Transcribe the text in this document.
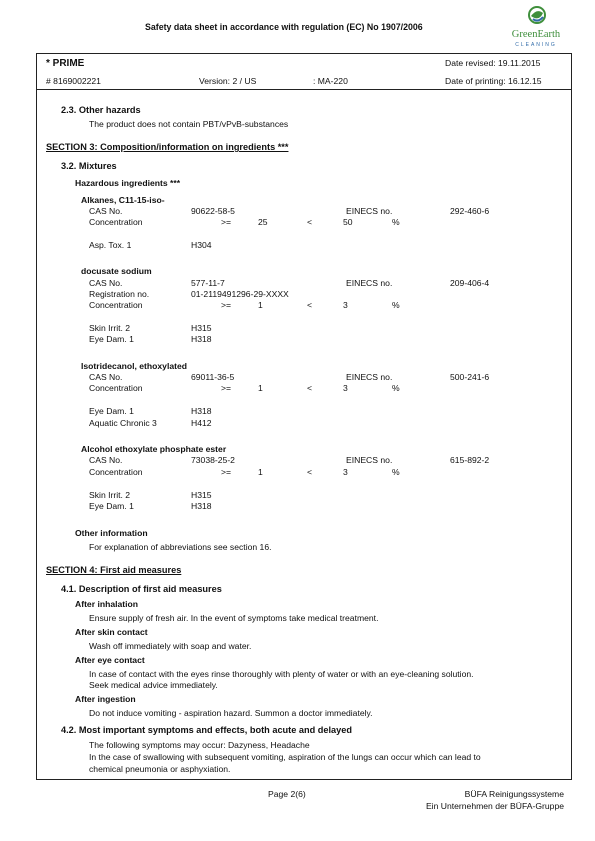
Safety data sheet in accordance with regulation (EC) No 1907/2006
GreenEarth
CLEANING
* PRIME	Date revised: 19.11.2015
# 8169002221	Version: 2 / US	: MA-220	Date of printing: 16.12.15
2.3. Other hazards
The product does not contain PBT/vPvB-substances
SECTION 3: Composition/information on ingredients ***
3.2. Mixtures
Hazardous ingredients ***
Alkanes, C11-15-iso-
CAS No.	90622-58-5	EINECS no.	292-460-6
Concentration	>=	25	<	50	%
Asp. Tox. 1	H304
docusate sodium
CAS No.	577-11-7	EINECS no.	209-406-4
Registration no.	01-2119491296-29-XXXX
Concentration	>=	1	<	3	%
Skin Irrit. 2	H315
Eye Dam. 1	H318
Isotridecanol, ethoxylated
CAS No.	69011-36-5	EINECS no.	500-241-6
Concentration	>=	1	<	3	%
Eye Dam. 1	H318
Aquatic Chronic 3	H412
Alcohol ethoxylate phosphate ester
CAS No.	73038-25-2	EINECS no.	615-892-2
Concentration	>=	1	<	3	%
Skin Irrit. 2	H315
Eye Dam. 1	H318
Other information
For explanation of abbreviations see section 16.
SECTION 4: First aid measures
4.1. Description of first aid measures
After inhalation
Ensure supply of fresh air. In the event of symptoms take medical treatment.
After skin contact
Wash off immediately with soap and water.
After eye contact
In case of contact with the eyes rinse thoroughly with plenty of water or with an eye-cleaning solution.
Seek medical advice immediately.
After ingestion
Do not induce vomiting - aspiration hazard. Summon a doctor immediately.
4.2. Most important symptoms and effects, both acute and delayed
The following symptoms may occur: Dazyness, Headache
In the case of swallowing with subsequent vomiting, aspiration of the lungs can occur which can lead to
chemical pneumonia or asphyxiation.
Page 2(6)	BÜFA Reinigungssysteme
Ein Unternehmen der BÜFA-Gruppe
